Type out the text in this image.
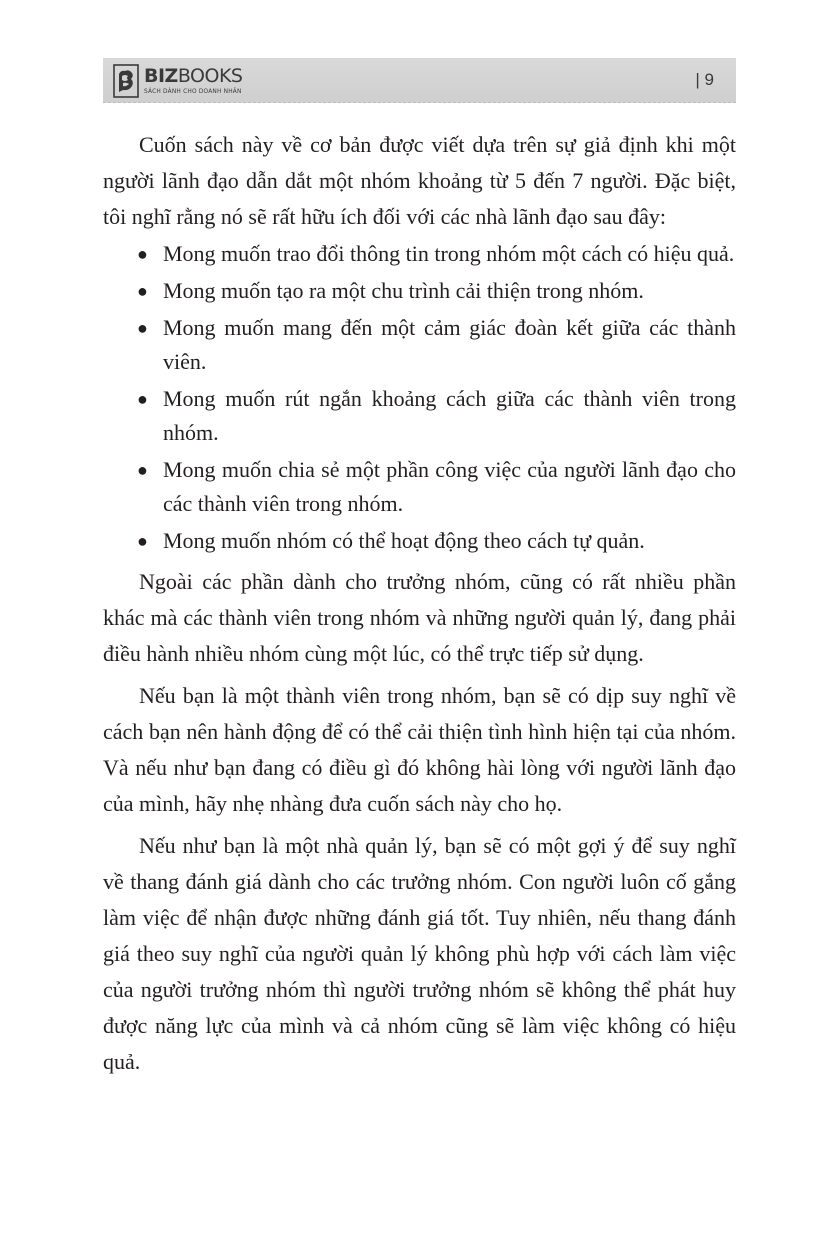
BIZBOOKS
SÁCH DÀNH CHO DOANH NHÂN
| 9

Cuốn sách này về cơ bản được viết dựa trên sự giả định khi một người lãnh đạo dẫn dắt một nhóm khoảng từ 5 đến 7 người. Đặc biệt, tôi nghĩ rằng nó sẽ rất hữu ích đối với các nhà lãnh đạo sau đây:

● Mong muốn trao đổi thông tin trong nhóm một cách có hiệu quả.
● Mong muốn tạo ra một chu trình cải thiện trong nhóm.
● Mong muốn mang đến một cảm giác đoàn kết giữa các thành viên.
● Mong muốn rút ngắn khoảng cách giữa các thành viên trong nhóm.
● Mong muốn chia sẻ một phần công việc của người lãnh đạo cho các thành viên trong nhóm.
● Mong muốn nhóm có thể hoạt động theo cách tự quản.

Ngoài các phần dành cho trưởng nhóm, cũng có rất nhiều phần khác mà các thành viên trong nhóm và những người quản lý, đang phải điều hành nhiều nhóm cùng một lúc, có thể trực tiếp sử dụng.

Nếu bạn là một thành viên trong nhóm, bạn sẽ có dịp suy nghĩ về cách bạn nên hành động để có thể cải thiện tình hình hiện tại của nhóm. Và nếu như bạn đang có điều gì đó không hài lòng với người lãnh đạo của mình, hãy nhẹ nhàng đưa cuốn sách này cho họ.

Nếu như bạn là một nhà quản lý, bạn sẽ có một gợi ý để suy nghĩ về thang đánh giá dành cho các trưởng nhóm. Con người luôn cố gắng làm việc để nhận được những đánh giá tốt. Tuy nhiên, nếu thang đánh giá theo suy nghĩ của người quản lý không phù hợp với cách làm việc của người trưởng nhóm thì người trưởng nhóm sẽ không thể phát huy được năng lực của mình và cả nhóm cũng sẽ làm việc không có hiệu quả.
